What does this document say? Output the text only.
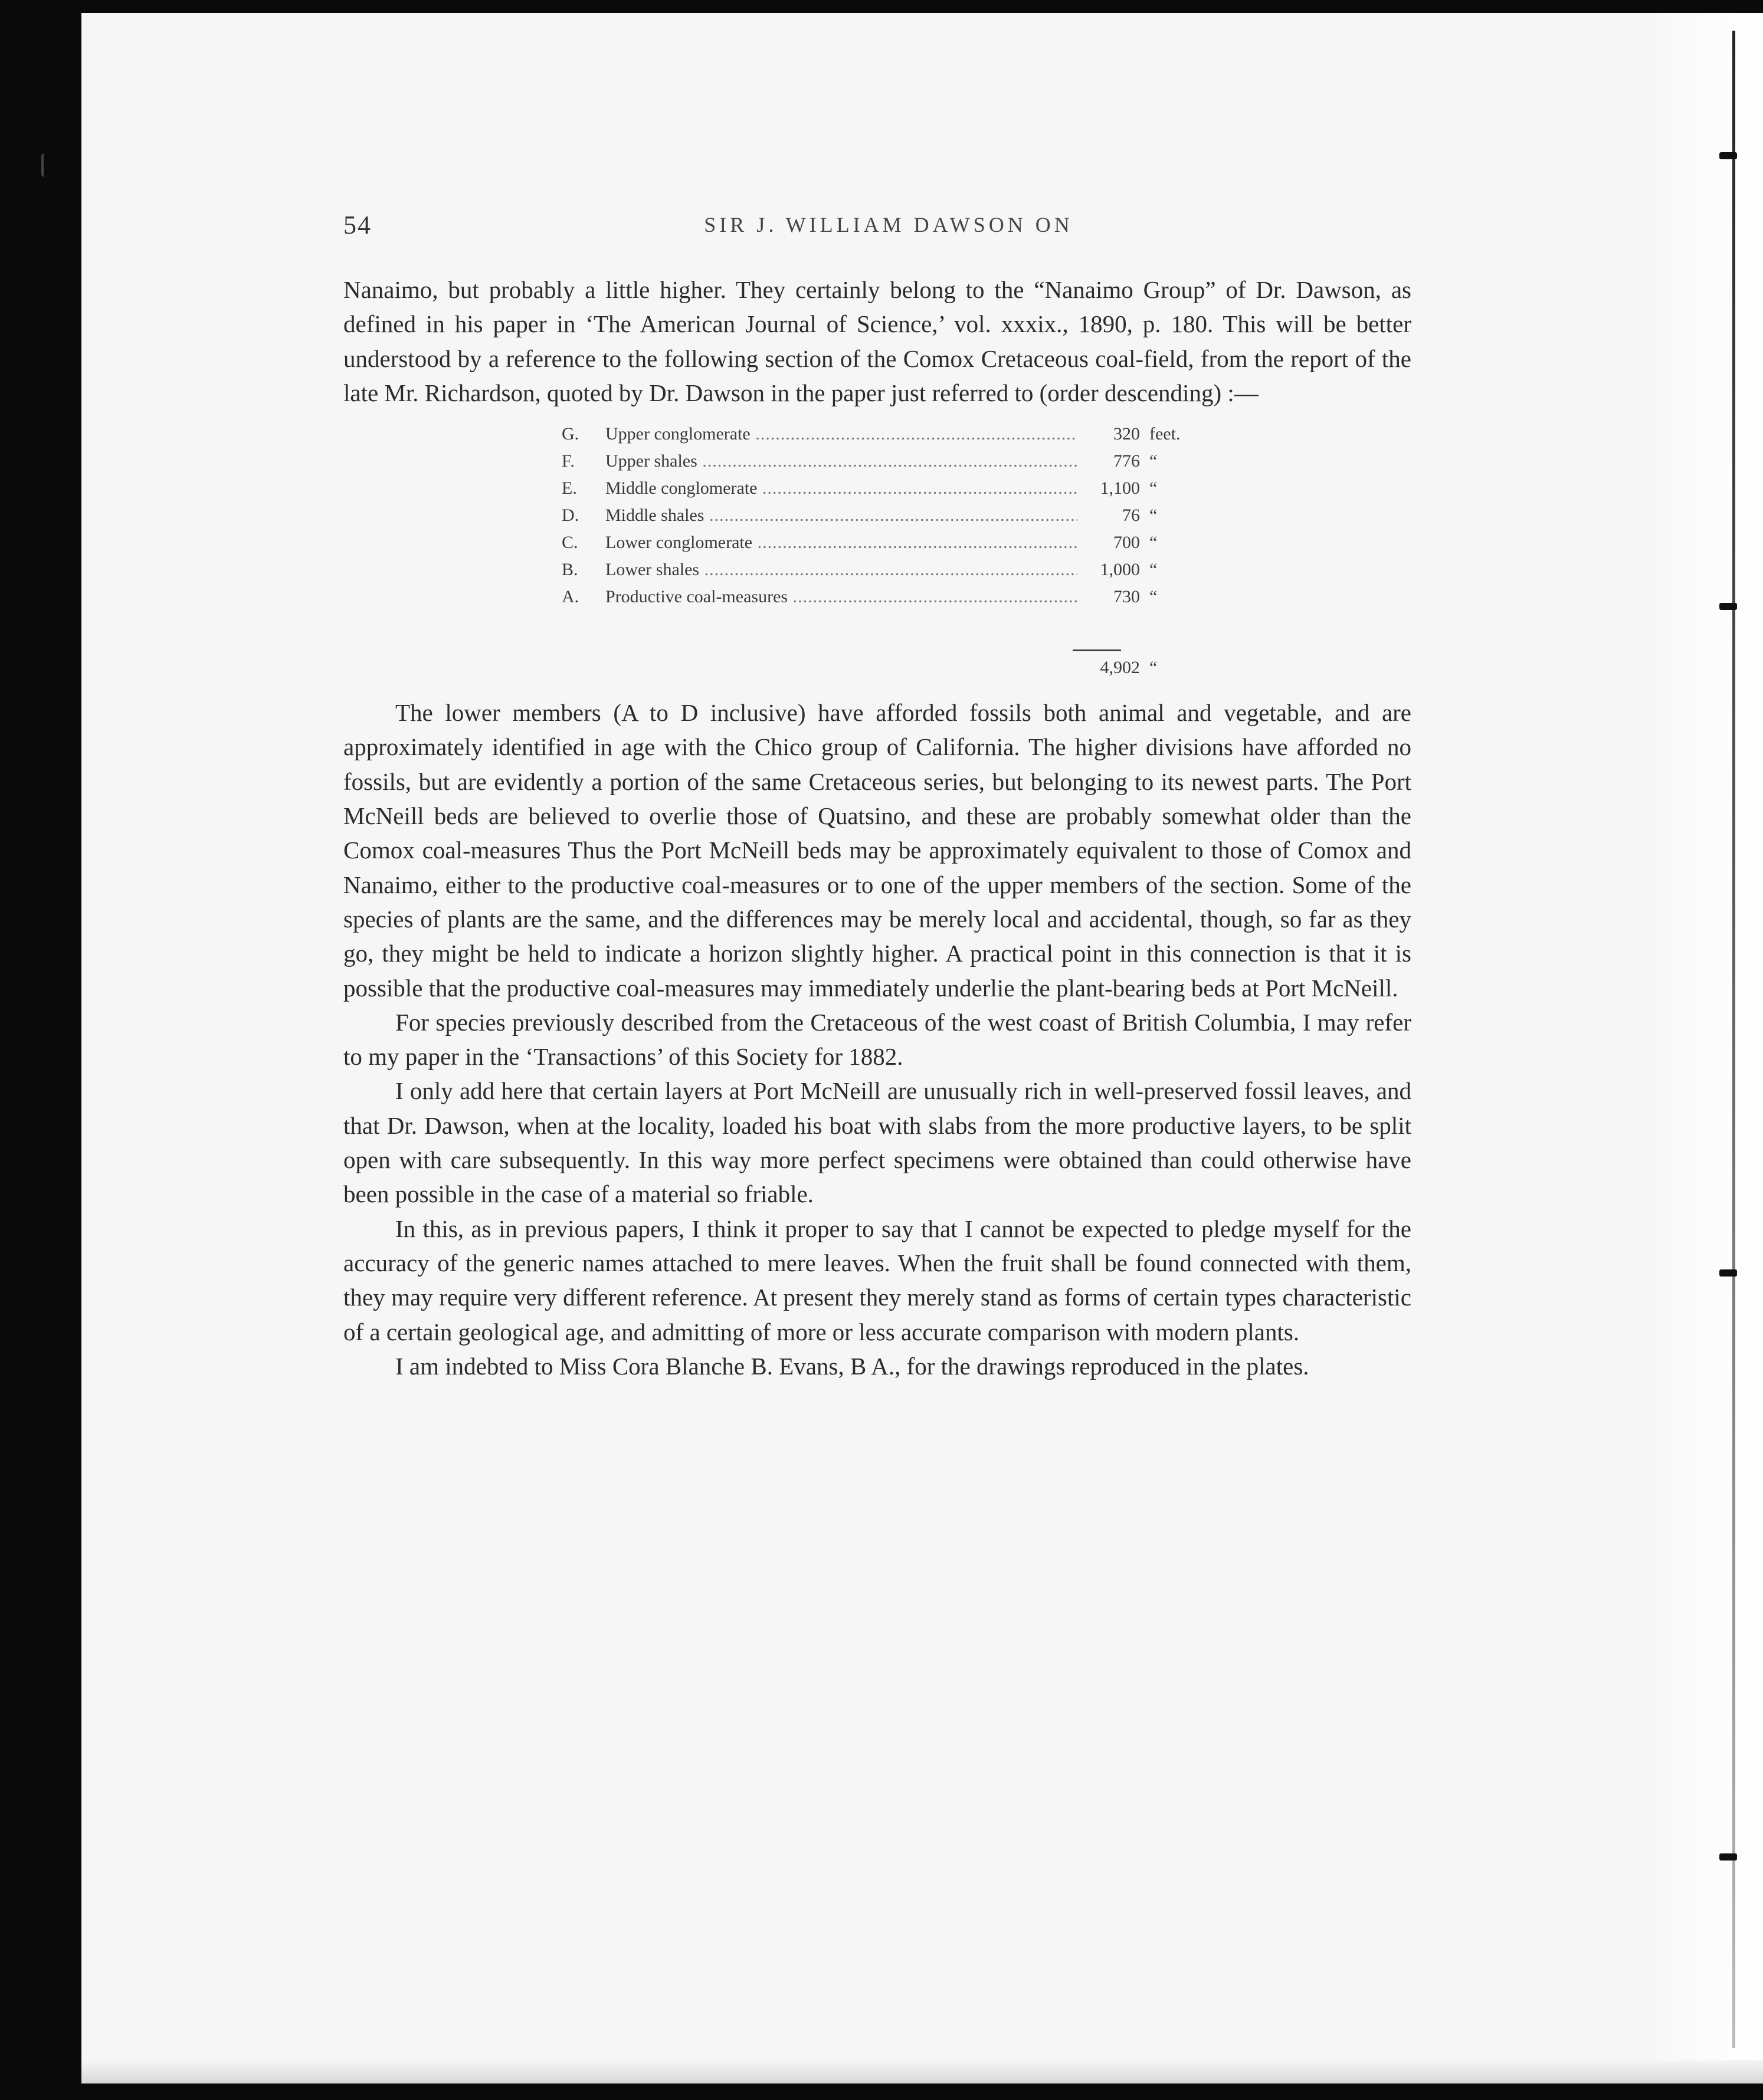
54	SIR J. WILLIAM DAWSON ON

Nanaimo, but probably a little higher. They certainly belong to the “Nanaimo Group” of Dr. Dawson, as defined in his paper in ‘The American Journal of Science,’ vol. xxxix., 1890, p. 180. This will be better understood by a reference to the following section of the Comox Cretaceous coal-field, from the report of the late Mr. Richardson, quoted by Dr. Dawson in the paper just referred to (order descending) :—

G.	Upper conglomerate .....	320 feet.
F.	Upper shales .....	776 “
E.	Middle conglomerate .....	1,100 “
D.	Middle shales .....	76 “
C.	Lower conglomerate .....	700 “
B.	Lower shales .....	1,000 “
A.	Productive coal-measures .....	730 “
4,902 “

The lower members (A to D inclusive) have afforded fossils both animal and vegetable, and are approximately identified in age with the Chico group of California. The higher divisions have afforded no fossils, but are evidently a portion of the same Cretaceous series, but belonging to its newest parts. The Port McNeill beds are believed to overlie those of Quatsino, and these are probably somewhat older than the Comox coal-measures Thus the Port McNeill beds may be approximately equivalent to those of Comox and Nanaimo, either to the productive coal-measures or to one of the upper members of the section. Some of the species of plants are the same, and the differences may be merely local and accidental, though, so far as they go, they might be held to indicate a horizon slightly higher. A practical point in this connection is that it is possible that the productive coal-measures may immediately underlie the plant-bearing beds at Port McNeill.

For species previously described from the Cretaceous of the west coast of British Columbia, I may refer to my paper in the ‘Transactions’ of this Society for 1882.

I only add here that certain layers at Port McNeill are unusually rich in well-preserved fossil leaves, and that Dr. Dawson, when at the locality, loaded his boat with slabs from the more productive layers, to be split open with care subsequently. In this way more perfect specimens were obtained than could otherwise have been possible in the case of a material so friable.

In this, as in previous papers, I think it proper to say that I cannot be expected to pledge myself for the accuracy of the generic names attached to mere leaves. When the fruit shall be found connected with them, they may require very different reference. At present they merely stand as forms of certain types characteristic of a certain geological age, and admitting of more or less accurate comparison with modern plants.

I am indebted to Miss Cora Blanche B. Evans, B A., for the drawings reproduced in the plates.
